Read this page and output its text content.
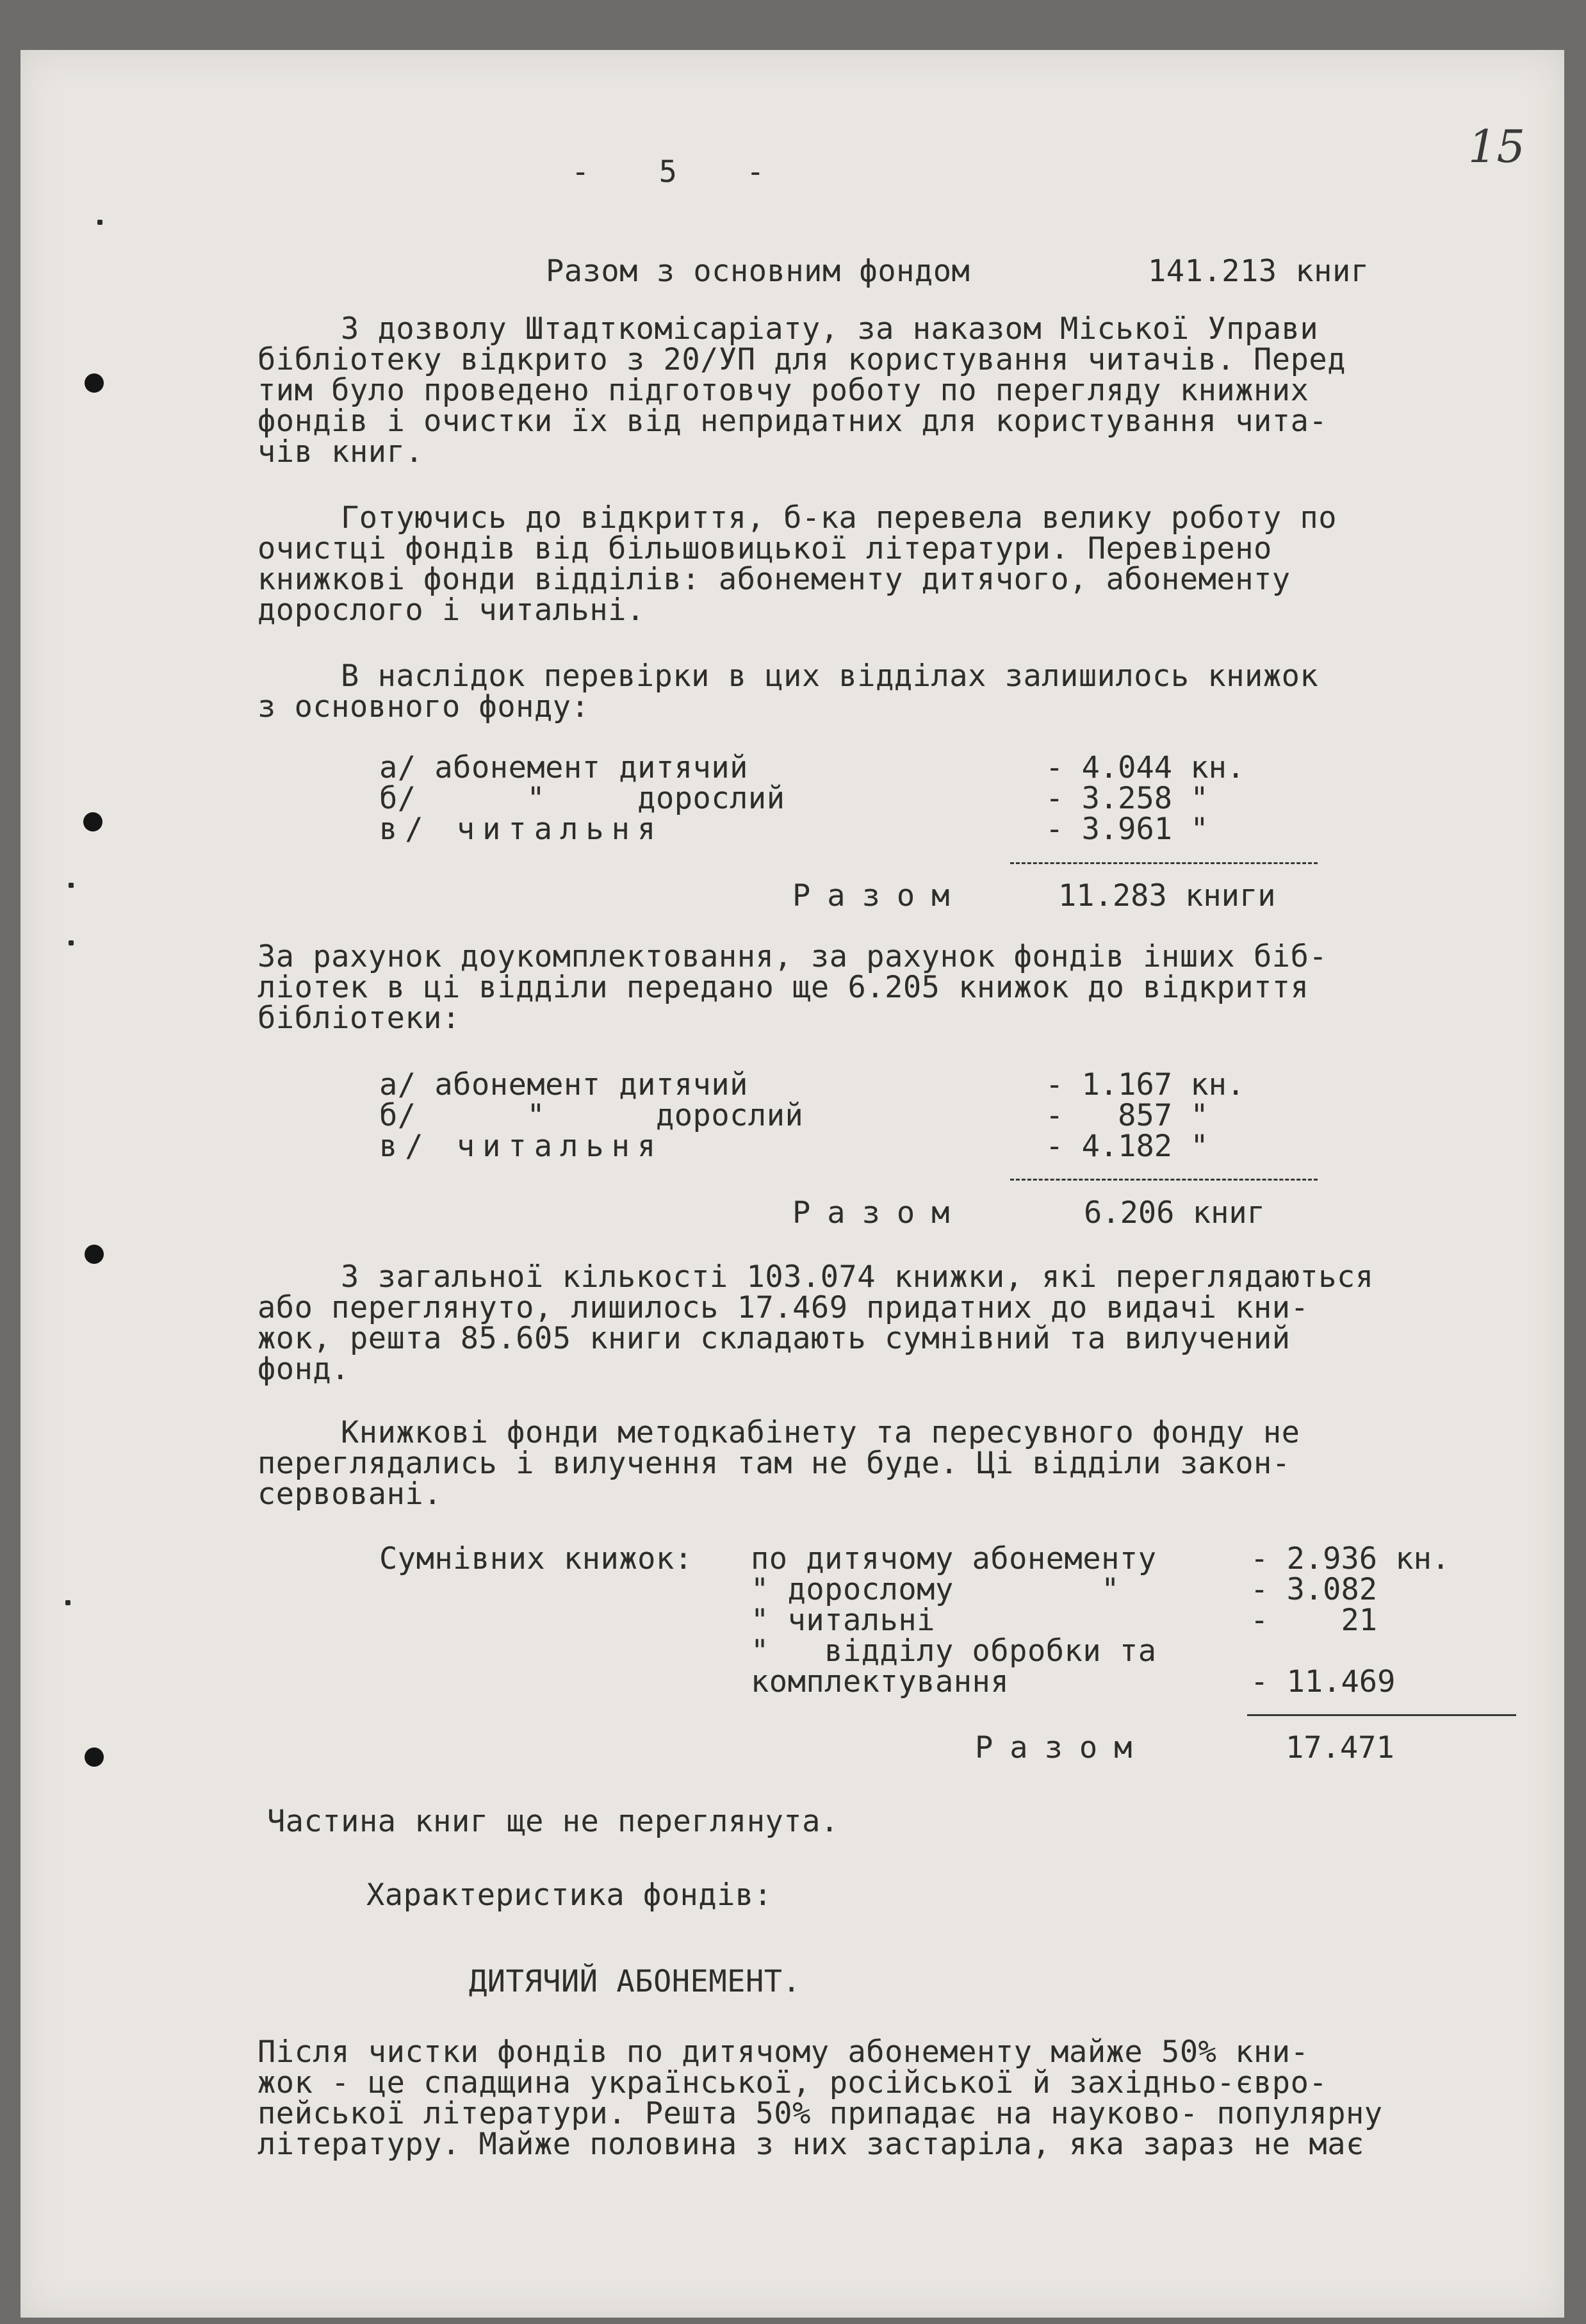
15
- 5 -
Разом з основним фондом	141.213 книг
З дозволу Штадткомісаріату, за наказом Міської Управи
бібліотеку відкрито з 20/УП для користування читачів. Перед
тим було проведено підготовчу роботу по перегляду книжних
фондів і очистки їх від непридатних для користування чита-
чів книг.
Готуючись до відкриття, б-ка перевела велику роботу по
очистці фондів від більшовицької літератури. Перевірено
книжкові фонди відділів: абонементу дитячого, абонементу
дорослого і читальні.
В наслідок перевірки в цих відділах залишилось книжок
з основного фонду:
а/ абонемент дитячий	- 4.044 кн.
б/      "     дорослий	- 3.258 "
в/ читальня	- 3.961 "
Разом	11.283 книги
За рахунок доукомплектовання, за рахунок фондів інших біб-
ліотек в ці відділи передано ще 6.205 книжок до відкриття
бібліотеки:
а/ абонемент дитячий	- 1.167 кн.
б/      "      дорослий	-   857 "
в/ читальня	- 4.182 "
Разом	6.206 книг
З загальної кількості 103.074 книжки, які переглядаються
або переглянуто, лишилось 17.469 придатних до видачі кни-
жок, решта 85.605 книги складають сумнівний та вилучений
фонд.
Книжкові фонди методкабінету та пересувного фонду не
переглядались і вилучення там не буде. Ці відділи закон-
сервовані.
Сумнівних книжок: по дитячому абонементу	- 2.936 кн.
" дорослому        "	- 3.082
" читальні	-    21
"   відділу обробки та
комплектування	- 11.469
Разом	17.471
Частина книг ще не переглянута.
Характеристика фондів:
ДИТЯЧИЙ АБОНЕМЕНТ.
Після чистки фондів по дитячому абонементу майже 50% кни-
жок - це спадщина української, російської й західньо-євро-
пейської літератури. Решта 50% припадає на науково- популярну
літературу. Майже половина з них застаріла, яка зараз не має
